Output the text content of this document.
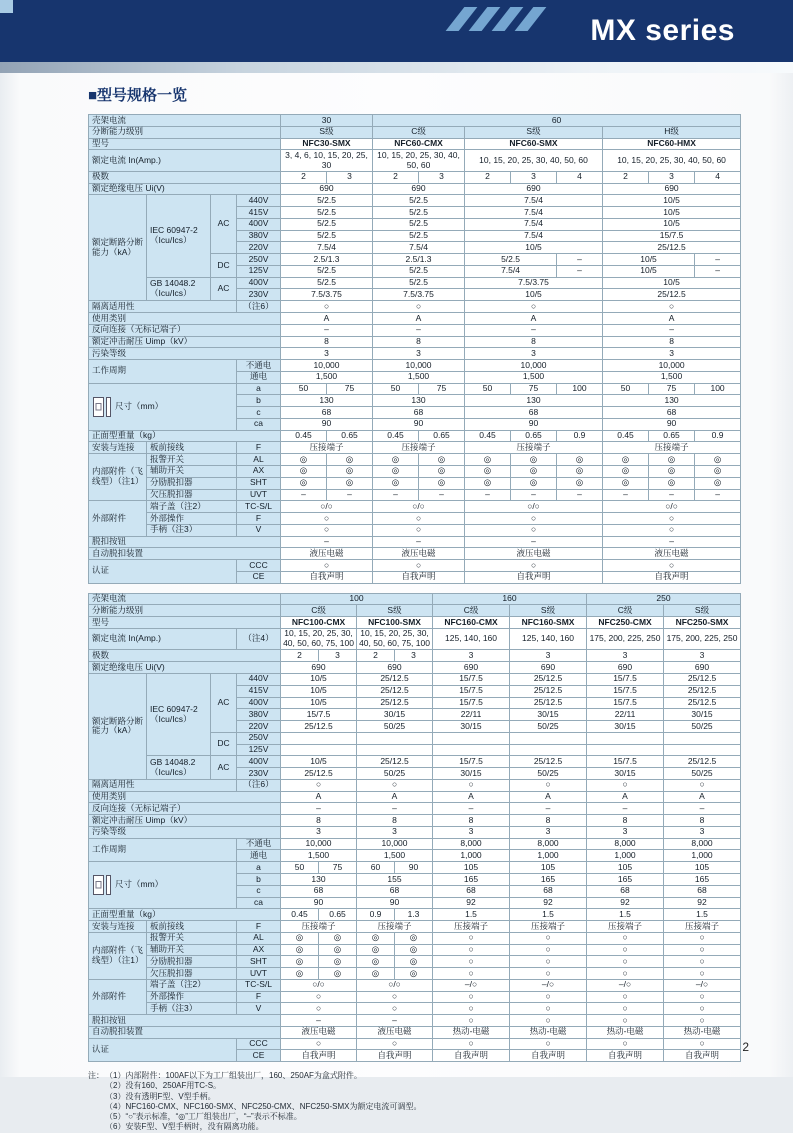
MX series
■型号规格一览
壳架电流				30		60							
分断能力级别				S级		C级		S级			H级		
型号				NFC30-SMX		NFC60-CMX		NFC60-SMX			NFC60-HMX		
额定电流 In(Amp.)				3, 4, 6, 10, 15, 20, 25, 30		10, 15, 20, 25, 30, 40, 50, 60		10, 15, 20, 25, 30, 40, 50, 60			10, 15, 20, 25, 30, 40, 50, 60		
极数				2	3	2	3	2	3	4	2	3	4
额定绝缘电压 Ui(V)				690		690		690			690		
额定断路分断能力（kA）	IEC 60947-2（Icu/Ics）	AC	440V	5/2.5		5/2.5		7.5/4			10/5		
			415V	5/2.5		5/2.5		7.5/4			10/5		
			400V	5/2.5		5/2.5		7.5/4			10/5		
			380V	5/2.5		5/2.5		7.5/4			15/7.5		
			220V	7.5/4		7.5/4		10/5			25/12.5		
		DC	250V	2.5/1.3		2.5/1.3		5/2.5		–	10/5		–
			125V	5/2.5		5/2.5		7.5/4		–	10/5		–
	GB 14048.2（Icu/Ics）	AC	400V	5/2.5		5/2.5		7.5/3.75			10/5		
			230V	7.5/3.75		7.5/3.75		10/5			25/12.5		
隔离适用性			（注6）	○		○		○			○		
使用类别				A		A		A			A		
反向连接（无标记端子）				–		–		–			–		
额定冲击耐压 Uimp（kV）				8		8		8			8		
污染等级				3		3		3			3		
工作周期			不通电	10,000		10,000		10,000			10,000		
			通电	1,500		1,500		1,500			1,500		

尺寸（mm）			a	50	75	50	75	50	75	100	50	75	100
			b	130		130		130			130		
			c	68		68		68			68		
			ca	90		90		90			90		
正面型重量（kg）				0.45	0.65	0.45	0.65	0.45	0.65	0.9	0.45	0.65	0.9
安装与连接	板前接线		F	压接端子		压接端子		压接端子			压接端子		
内部附件（飞线型）（注1）	报警开关		AL	◎	◎	◎	◎	◎	◎	◎	◎	◎	◎
	辅助开关		AX	◎	◎	◎	◎	◎	◎	◎	◎	◎	◎
	分励脱扣器		SHT	◎	◎	◎	◎	◎	◎	◎	◎	◎	◎
	欠压脱扣器		UVT	–	–	–	–	–	–	–	–	–	–
外部附件	端子盖（注2）		TC-S/L	○/○		○/○		○/○			○/○		
	外部操作		F	○		○		○			○		
	手柄（注3）		V	○		○		○			○		
脱扣按钮				–		–		–			–		
自动脱扣装置				液压电磁		液压电磁		液压电磁			液压电磁		
认证			CCC	○		○		○			○		
			CE	自我声明		自我声明		自我声明			自我声明		
壳架电流				100				160		250	
分断能力级别				C级		S级		C级	S级	C级	S级
型号				NFC100-CMX		NFC100-SMX		NFC160-CMX	NFC160-SMX	NFC250-CMX	NFC250-SMX
额定电流 In(Amp.)			（注4）	10, 15, 20, 25, 30, 40, 50, 60, 75, 100		10, 15, 20, 25, 30, 40, 50, 60, 75, 100		125, 140, 160	125, 140, 160	175, 200, 225, 250	175, 200, 225, 250
极数				2	3	2	3	3	3	3	3
额定绝缘电压 Ui(V)				690		690		690	690	690	690
额定断路分断能力（kA）	IEC 60947-2（Icu/Ics）	AC	440V	10/5		25/12.5		15/7.5	25/12.5	15/7.5	25/12.5
			415V	10/5		25/12.5		15/7.5	25/12.5	15/7.5	25/12.5
			400V	10/5		25/12.5		15/7.5	25/12.5	15/7.5	25/12.5
			380V	15/7.5		30/15		22/11	30/15	22/11	30/15
			220V	25/12.5		50/25		30/15	50/25	30/15	50/25
		DC	250V								
			125V								
	GB 14048.2（Icu/Ics）	AC	400V	10/5		25/12.5		15/7.5	25/12.5	15/7.5	25/12.5
			230V	25/12.5		50/25		30/15	50/25	30/15	50/25
隔离适用性			（注6）	○		○		○	○	○	○
使用类别				A		A		A	A	A	A
反向连接（无标记端子）				–		–		–	–	–	–
额定冲击耐压 Uimp（kV）				8		8		8	8	8	8
污染等级				3		3		3	3	3	3
工作周期			不通电	10,000		10,000		8,000	8,000	8,000	8,000
			通电	1,500		1,500		1,000	1,000	1,000	1,000

尺寸（mm）			a	50	75	60	90	105	105	105	105
			b	130		155		165	165	165	165
			c	68		68		68	68	68	68
			ca	90		90		92	92	92	92
正面型重量（kg）				0.45	0.65	0.9	1.3	1.5	1.5	1.5	1.5
安装与连接	板前接线		F	压接端子		压接端子		压接端子	压接端子	压接端子	压接端子
内部附件（飞线型）（注1）	报警开关		AL	◎	◎	◎	◎	○	○	○	○
	辅助开关		AX	◎	◎	◎	◎	○	○	○	○
	分励脱扣器		SHT	◎	◎	◎	◎	○	○	○	○
	欠压脱扣器		UVT	◎	◎	◎	◎	○	○	○	○
外部附件	端子盖（注2）		TC-S/L	○/○		○/○		–/○	–/○	–/○	–/○
	外部操作		F	○		○		○	○	○	○
	手柄（注3）		V	○		○		○	○	○	○
脱扣按钮				–		–		○	○	○	○
自动脱扣装置				液压电磁		液压电磁		热动-电磁	热动-电磁	热动-电磁	热动-电磁
认证			CCC	○		○		○	○	○	○
			CE	自我声明		自我声明		自我声明	自我声明	自我声明	自我声明
注： （1）内部附件：100AF以下为工厂组装出厂，160、250AF为盒式附件。
（2）没有160、250AF用TC-S。
（3）没有透明F型、V型手柄。
（4）NFC160-CMX、NFC160-SMX、NFC250-CMX、NFC250-SMX为额定电流可调型。
（5）“○”表示标准，“◎”工厂组装出厂，“–”表示不标准。
（6）安装F型、V型手柄时，没有隔离功能。
2
